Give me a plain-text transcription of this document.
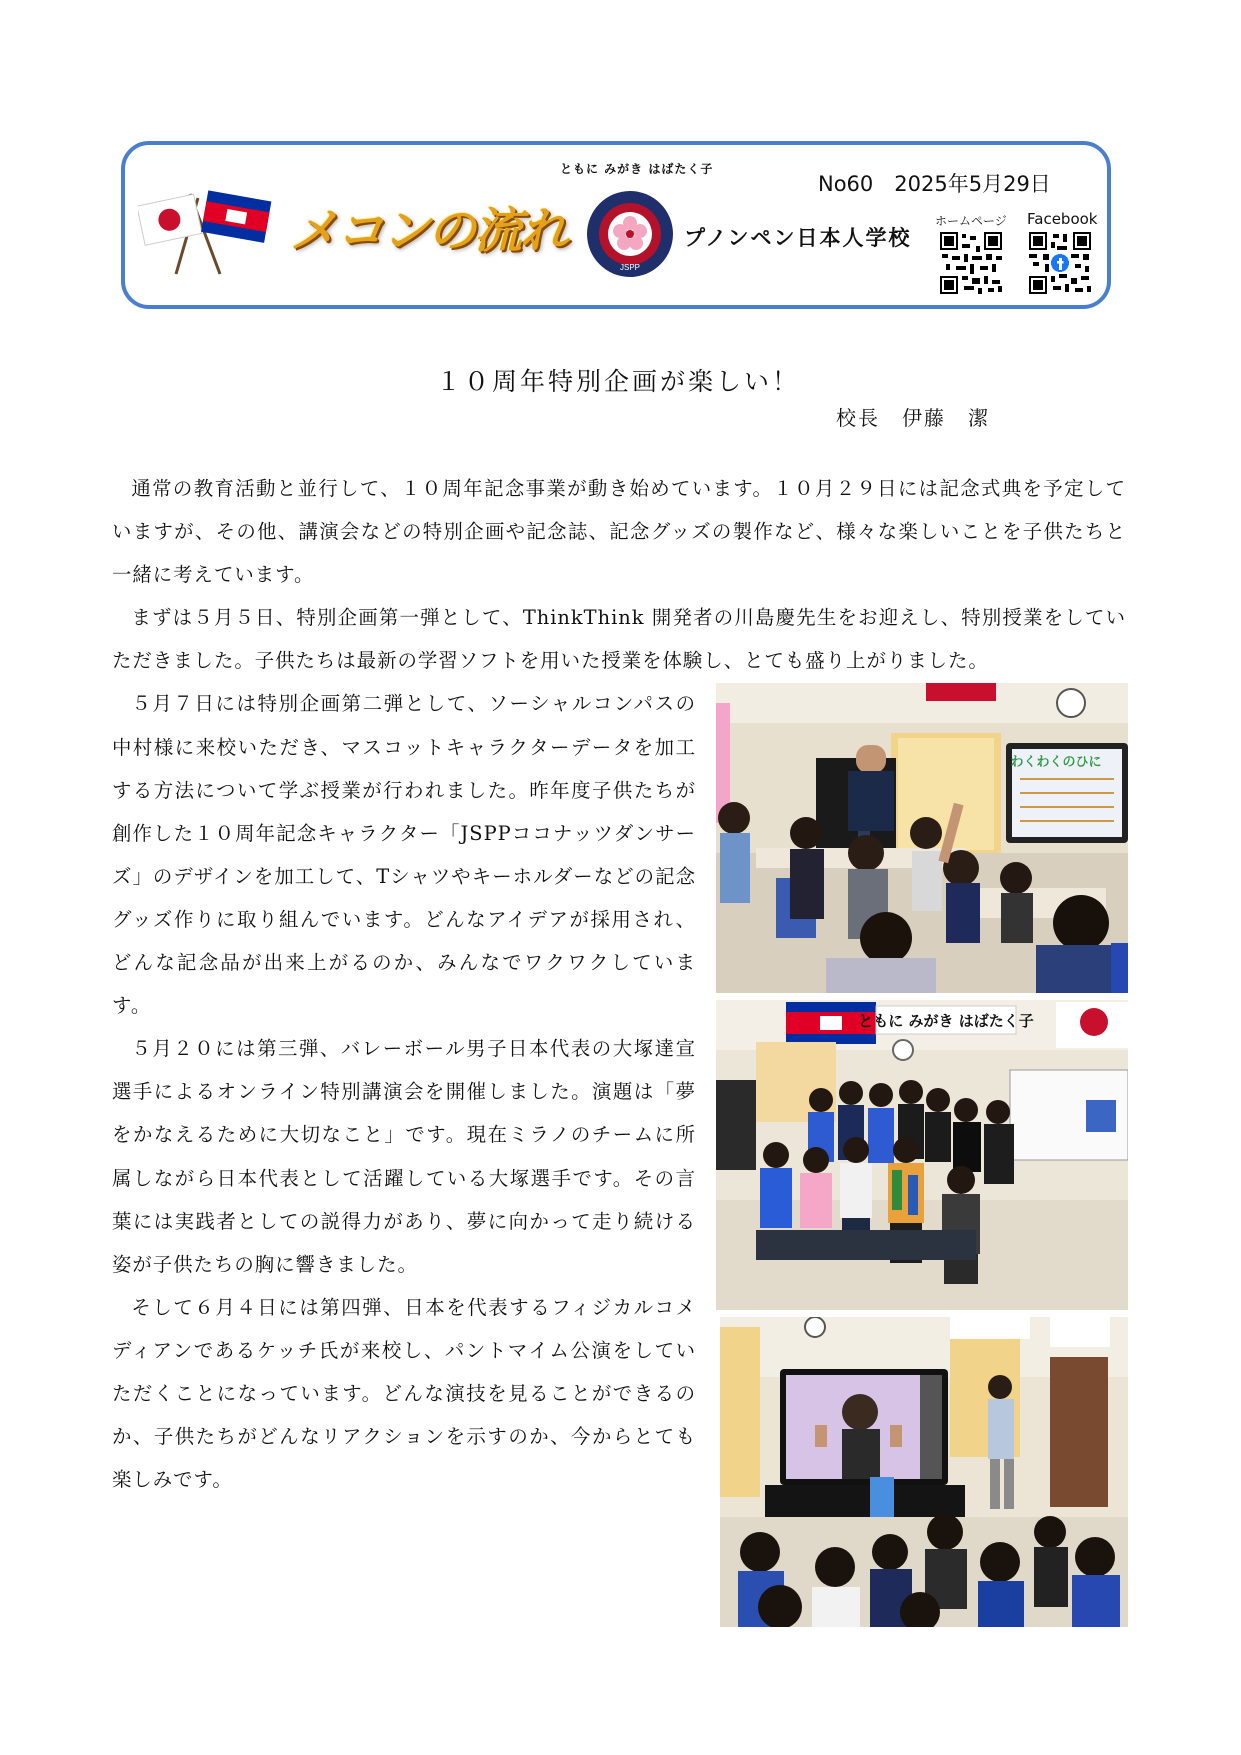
ともに みがき はばたく子
No60　2025年5月29日
メコンの流れ
JSPP
プノンペン日本人学校
ホームページ Facebook
１０周年特別企画が楽しい！
校長　伊藤　潔

通常の教育活動と並行して、１０周年記念事業が動き始めています。１０月２９日には記念式典を予定していますが、その他、講演会などの特別企画や記念誌、記念グッズの製作など、様々な楽しいことを子供たちと一緒に考えています。

まずは５月５日、特別企画第一弾として、ThinkThink 開発者の川島慶先生をお迎えし、特別授業をしていただきました。子供たちは最新の学習ソフトを用いた授業を体験し、とても盛り上がりました。

５月７日には特別企画第二弾として、ソーシャルコンパスの中村様に来校いただき、マスコットキャラクターデータを加工する方法について学ぶ授業が行われました。昨年度子供たちが創作した１０周年記念キャラクター「JSPPココナッツダンサーズ」のデザインを加工して、Tシャツやキーホルダーなどの記念グッズ作りに取り組んでいます。どんなアイデアが採用され、どんな記念品が出来上がるのか、みんなでワクワクしています。

５月２０には第三弾、バレーボール男子日本代表の大塚達宣選手によるオンライン特別講演会を開催しました。演題は「夢をかなえるために大切なこと」です。現在ミラノのチームに所属しながら日本代表として活躍している大塚選手です。その言葉には実践者としての説得力があり、夢に向かって走り続ける姿が子供たちの胸に響きました。

そして６月４日には第四弾、日本を代表するフィジカルコメディアンであるケッチ氏が来校し、パントマイム公演をしていただくことになっています。どんな演技を見ることができるのか、子供たちがどんなリアクションを示すのか、今からとても楽しみです。

わくわくのひに
ともに みがき はばたく子
